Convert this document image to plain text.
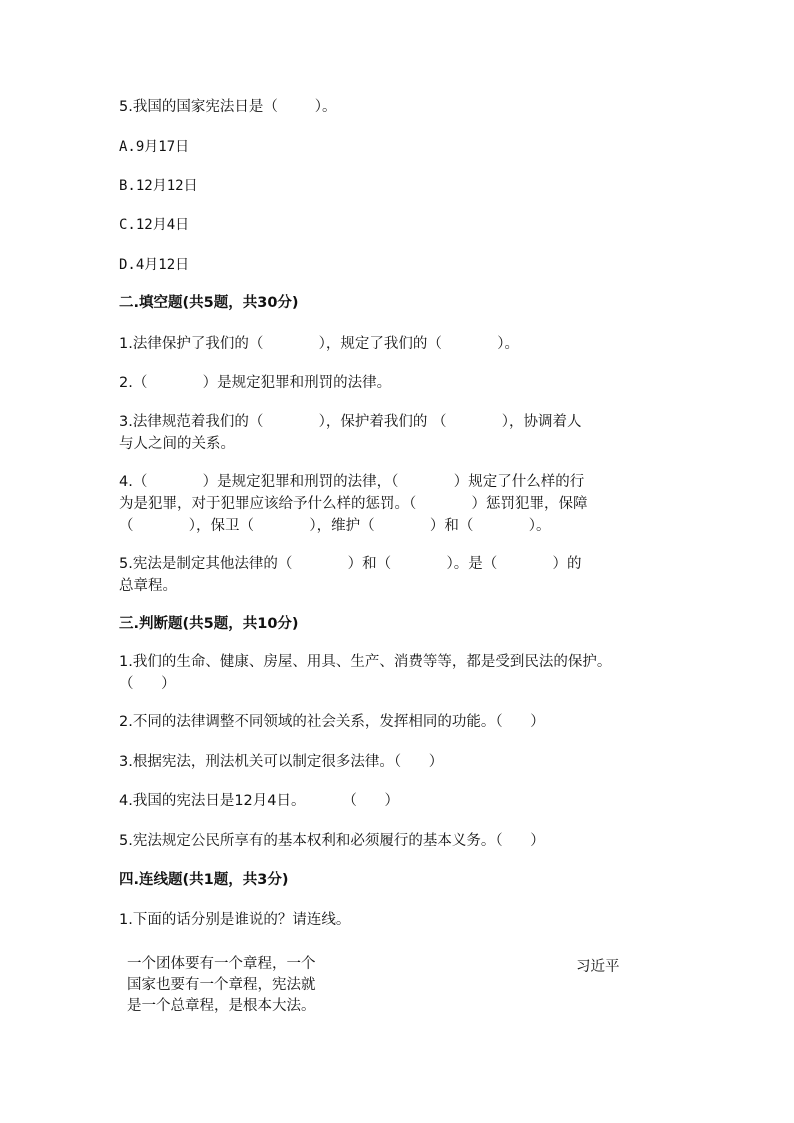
5.我国的国家宪法日是（        ）。
A.9月17日
B.12月12日
C.12月4日
D.4月12日
二.填空题(共5题，共30分)
1.法律保护了我们的（            ），规定了我们的（            ）。
2.（            ）是规定犯罪和刑罚的法律。
3.法律规范着我们的（            ），保护着我们的 （            ），协调着人
与人之间的关系。
4.（            ）是规定犯罪和刑罚的法律，（            ）规定了什么样的行
为是犯罪，对于犯罪应该给予什么样的惩罚。（            ）惩罚犯罪，保障
（            ），保卫（            ），维护（            ）和（            ）。
5.宪法是制定其他法律的（            ）和（            ）。是（            ）的
总章程。
三.判断题(共5题，共10分)
1.我们的生命、健康、房屋、用具、生产、消费等等，都是受到民法的保护。
（      ）
2.不同的法律调整不同领域的社会关系，发挥相同的功能。（      ）
3.根据宪法，刑法机关可以制定很多法律。（      ）
4.我国的宪法日是12月4日。        （      ）
5.宪法规定公民所享有的基本权利和必须履行的基本义务。（      ）
四.连线题(共1题，共3分)
1.下面的话分别是谁说的？请连线。
一个团体要有一个章程，一个
国家也要有一个章程，宪法就
是一个总章程，是根本大法。
习近平
